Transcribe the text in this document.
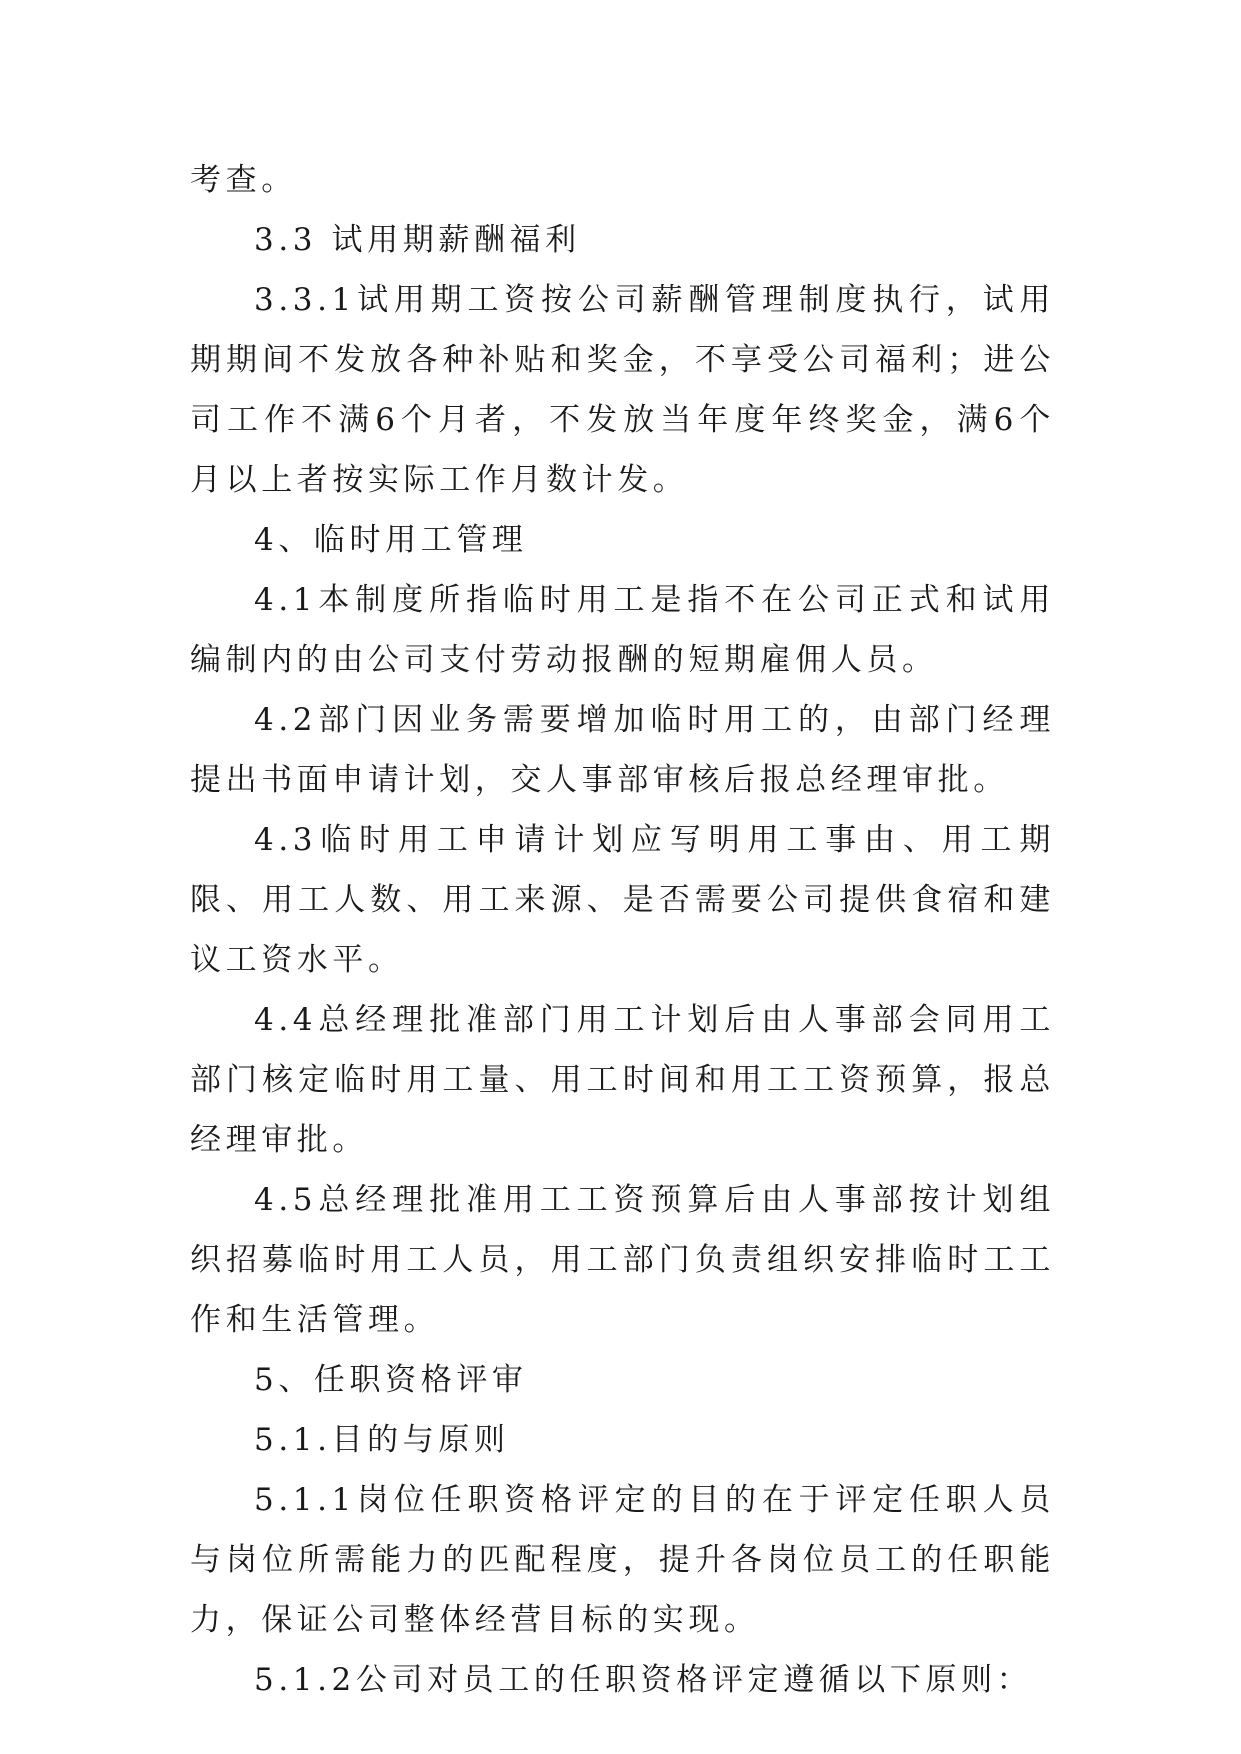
考查。

3.3 试用期薪酬福利

3.3.1试用期工资按公司薪酬管理制度执行，试用期期间不发放各种补贴和奖金，不享受公司福利；进公司工作不满6个月者，不发放当年度年终奖金，满6个月以上者按实际工作月数计发。

4、临时用工管理

4.1本制度所指临时用工是指不在公司正式和试用编制内的由公司支付劳动报酬的短期雇佣人员。

4.2部门因业务需要增加临时用工的，由部门经理提出书面申请计划，交人事部审核后报总经理审批。

4.3临时用工申请计划应写明用工事由、用工期限、用工人数、用工来源、是否需要公司提供食宿和建议工资水平。

4.4总经理批准部门用工计划后由人事部会同用工部门核定临时用工量、用工时间和用工工资预算，报总经理审批。

4.5总经理批准用工工资预算后由人事部按计划组织招募临时用工人员，用工部门负责组织安排临时工工作和生活管理。

5、任职资格评审

5.1.目的与原则

5.1.1岗位任职资格评定的目的在于评定任职人员与岗位所需能力的匹配程度，提升各岗位员工的任职能力，保证公司整体经营目标的实现。

5.1.2公司对员工的任职资格评定遵循以下原则：
